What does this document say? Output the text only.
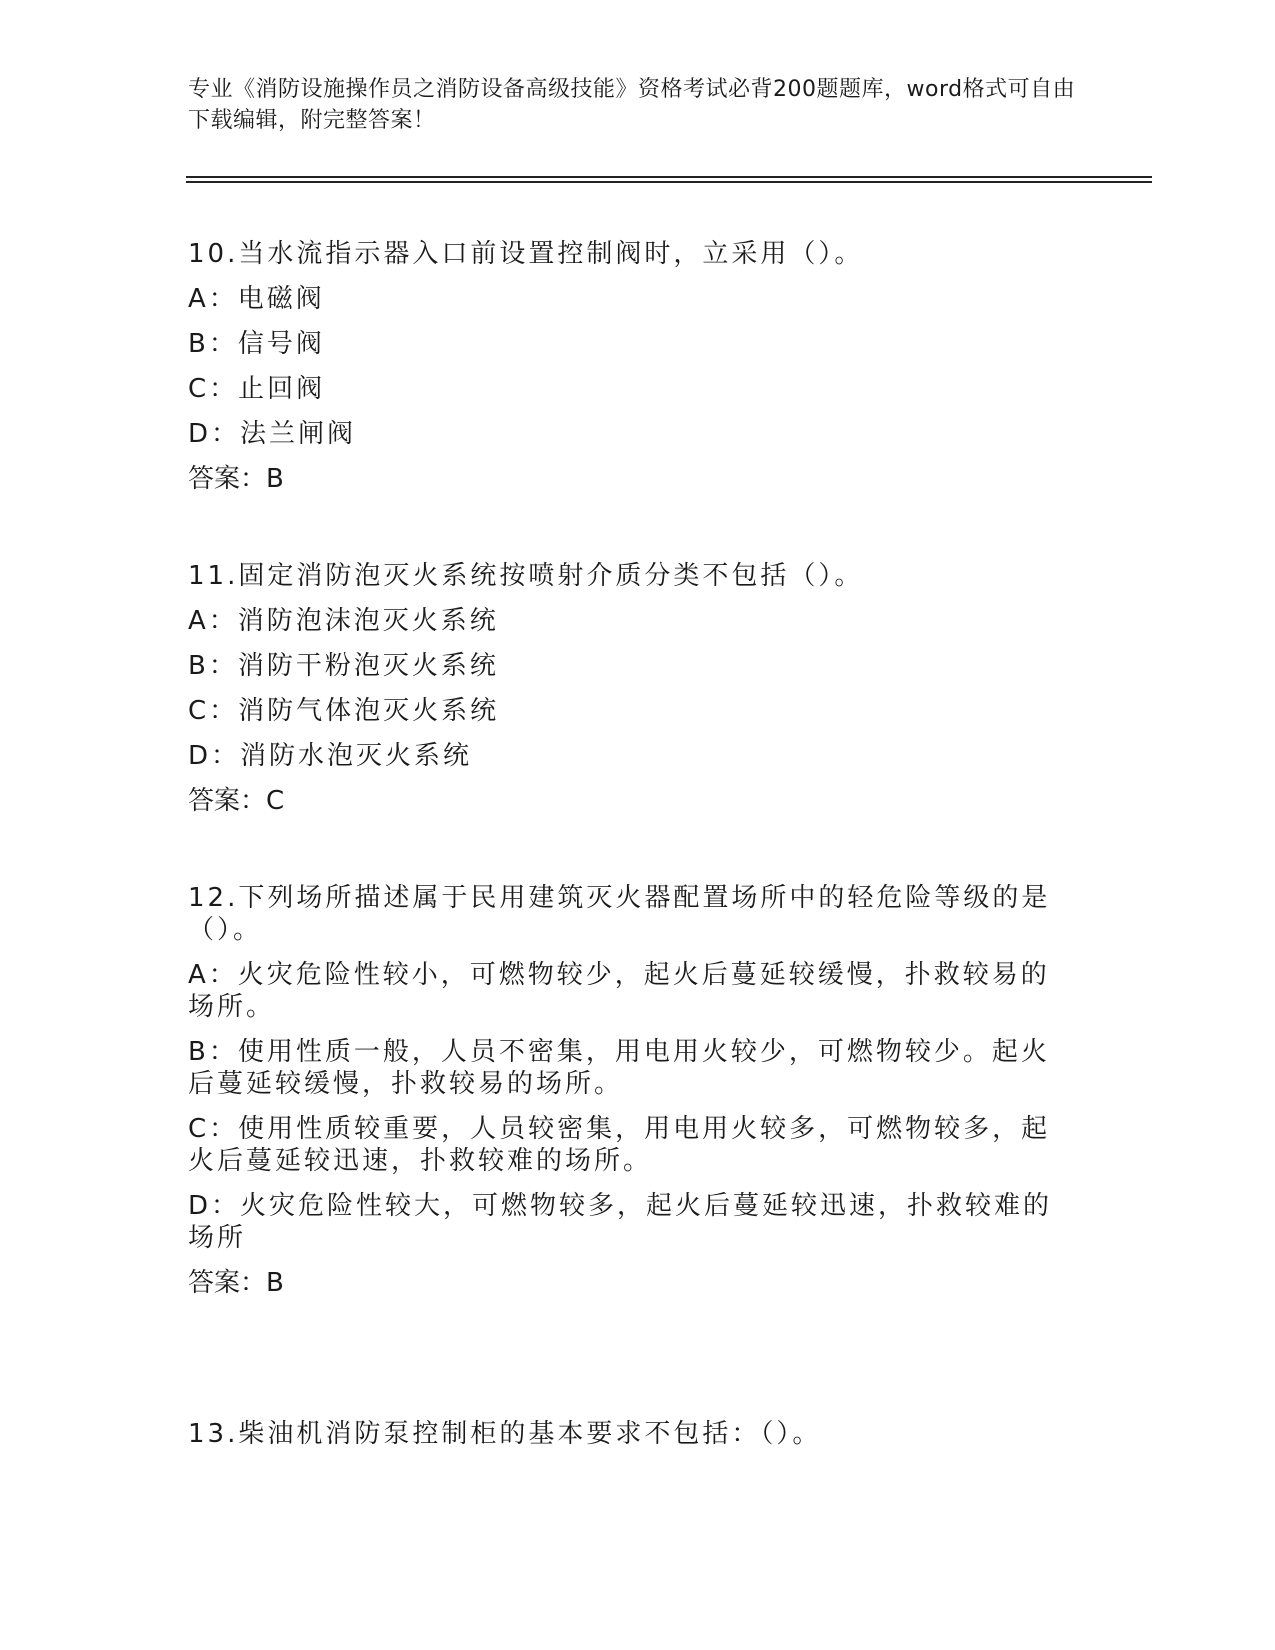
专业《消防设施操作员之消防设备高级技能》资格考试必背200题题库，word格式可自由下载编辑，附完整答案！

10.当水流指示器入口前设置控制阀时，立采用（）。

A：电磁阀

B：信号阀

C：止回阀

D：法兰闸阀

答案：B

11.固定消防泡灭火系统按喷射介质分类不包括（）。

A：消防泡沫泡灭火系统

B：消防干粉泡灭火系统

C：消防气体泡灭火系统

D：消防水泡灭火系统

答案：C

12.下列场所描述属于民用建筑灭火器配置场所中的轻危险等级的是（）。

A：火灾危险性较小，可燃物较少，起火后蔓延较缓慢，扑救较易的场所。

B：使用性质一般，人员不密集，用电用火较少，可燃物较少。起火后蔓延较缓慢，扑救较易的场所。

C：使用性质较重要，人员较密集，用电用火较多，可燃物较多，起火后蔓延较迅速，扑救较难的场所。

D：火灾危险性较大，可燃物较多，起火后蔓延较迅速，扑救较难的场所

答案：B

13.柴油机消防泵控制柜的基本要求不包括：（）。
